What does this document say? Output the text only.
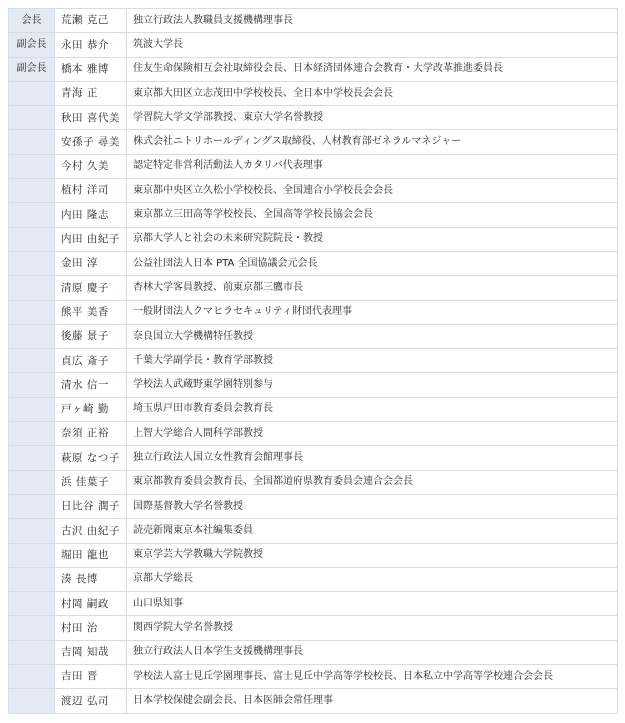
会長	荒瀬 克己	独立行政法人教職員支援機構理事長
副会長	永田 恭介	筑波大学長
副会長	橋本 雅博	住友生命保険相互会社取締役会長、日本経済団体連合会教育・大学改革推進委員長
	青海 正	東京都大田区立志茂田中学校校長、全日本中学校長会会長
	秋田 喜代美	学習院大学文学部教授、東京大学名誉教授
	安孫子 尋美	株式会社ニトリホールディングス取締役、人材教育部ゼネラルマネジャー
	今村 久美	認定特定非営利活動法人カタリバ代表理事
	植村 洋司	東京都中央区立久松小学校校長、全国連合小学校長会会長
	内田 隆志	東京都立三田高等学校校長、全国高等学校長協会会長
	内田 由紀子	京都大学人と社会の未来研究院院長・教授
	金田 淳	公益社団法人日本 PTA 全国協議会元会長
	清原 慶子	杏林大学客員教授、前東京都三鷹市長
	熊平 美香	一般財団法人クマヒラセキュリティ財団代表理事
	後藤 景子	奈良国立大学機構特任教授
	貞広 斎子	千葉大学副学長・教育学部教授
	清水 信一	学校法人武蔵野東学園特別参与
	戸ヶ崎 勤	埼玉県戸田市教育委員会教育長
	奈須 正裕	上智大学総合人間科学部教授
	萩原 なつ子	独立行政法人国立女性教育会館理事長
	浜 佳葉子	東京都教育委員会教育長、全国都道府県教育委員会連合会会長
	日比谷 潤子	国際基督教大学名誉教授
	古沢 由紀子	読売新聞東京本社編集委員
	堀田 龍也	東京学芸大学教職大学院教授
	湊 長博	京都大学総長
	村岡 嗣政	山口県知事
	村田 治	関西学院大学名誉教授
	吉岡 知哉	独立行政法人日本学生支援機構理事長
	吉田 晋	学校法人富士見丘学園理事長、富士見丘中学高等学校校長、日本私立中学高等学校連合会会長
	渡辺 弘司	日本学校保健会副会長、日本医師会常任理事
